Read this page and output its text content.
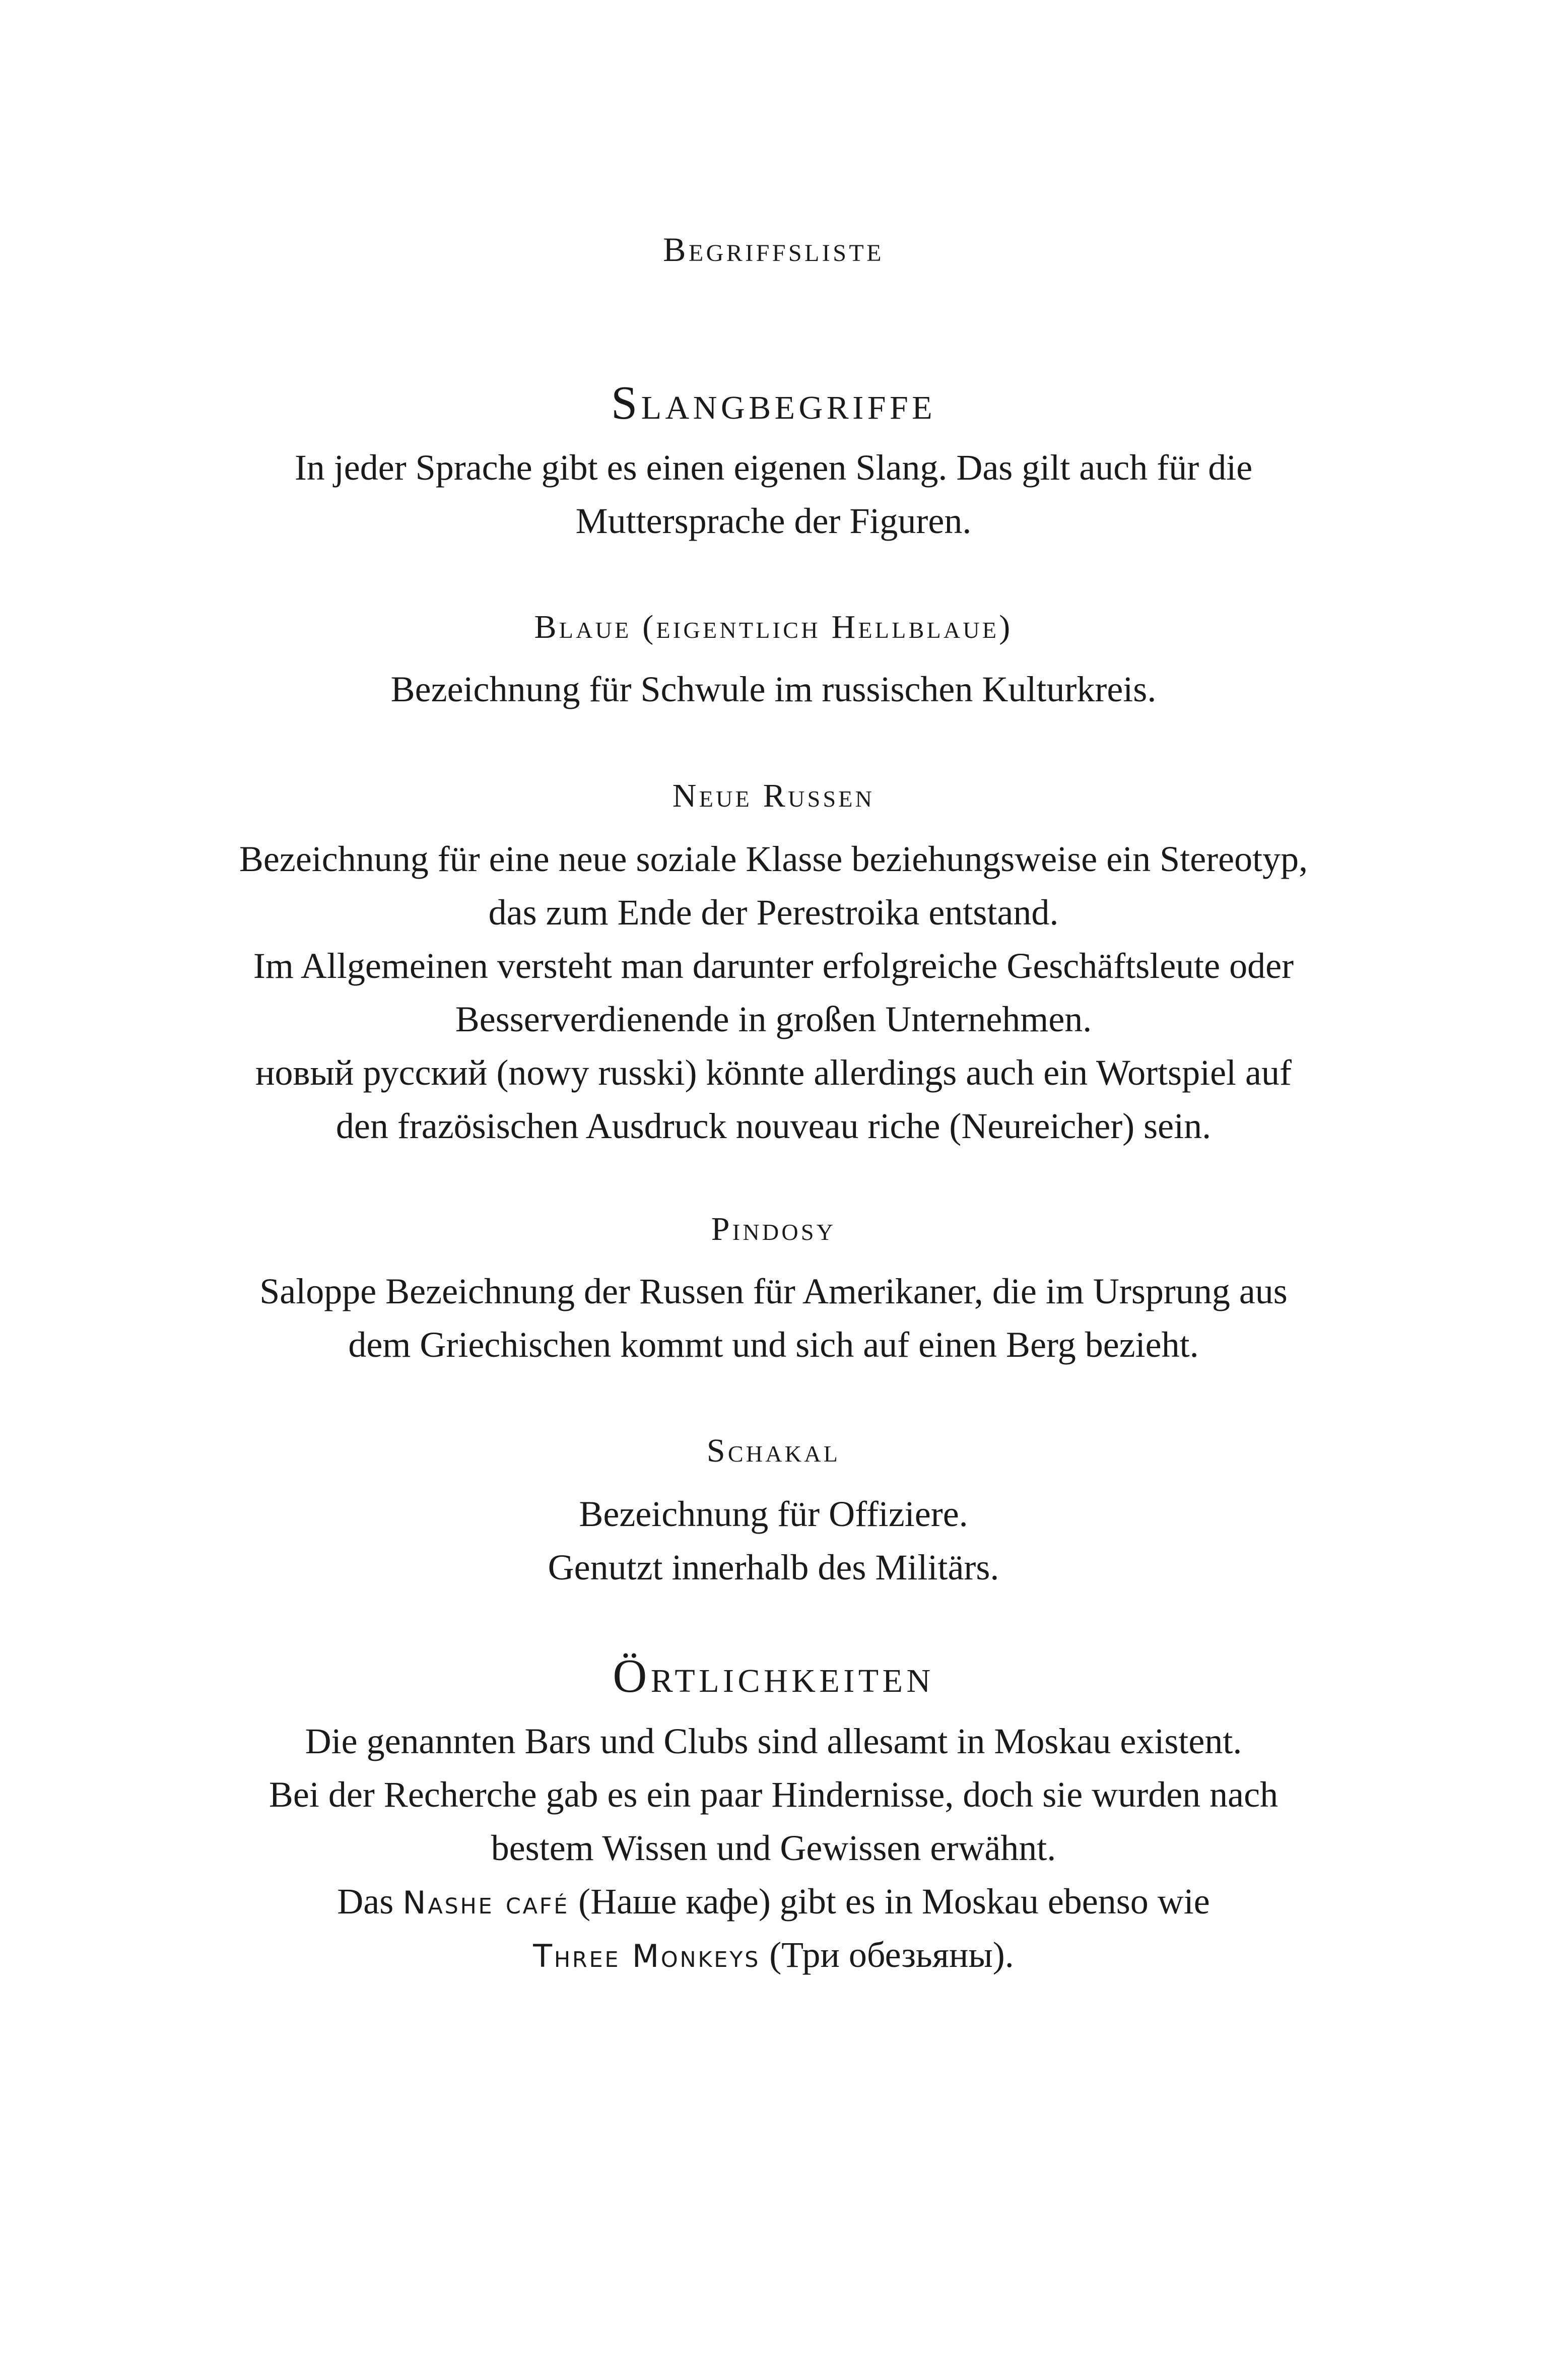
Begriffsliste
Slangbegriffe
In jeder Sprache gibt es einen eigenen Slang. Das gilt auch für die
Muttersprache der Figuren.
Blaue (eigentlich Hellblaue)
Bezeichnung für Schwule im russischen Kulturkreis.
Neue Russen
Bezeichnung für eine neue soziale Klasse beziehungsweise ein Stereotyp,
das zum Ende der Perestroika entstand.
Im Allgemeinen versteht man darunter erfolgreiche Geschäftsleute oder
Besserverdienende in großen Unternehmen.
новый русский (nowy russki) könnte allerdings auch ein Wortspiel auf
den frazösischen Ausdruck nouveau riche (Neureicher) sein.
Pindosy
Saloppe Bezeichnung der Russen für Amerikaner, die im Ursprung aus
dem Griechischen kommt und sich auf einen Berg bezieht.
Schakal
Bezeichnung für Offiziere.
Genutzt innerhalb des Militärs.
Örtlichkeiten
Die genannten Bars und Clubs sind allesamt in Moskau existent.
Bei der Recherche gab es ein paar Hindernisse, doch sie wurden nach
bestem Wissen und Gewissen erwähnt.
Das Nashe café (Наше кафе) gibt es in Moskau ebenso wie
Three Monkeys (Три обезьяны).
